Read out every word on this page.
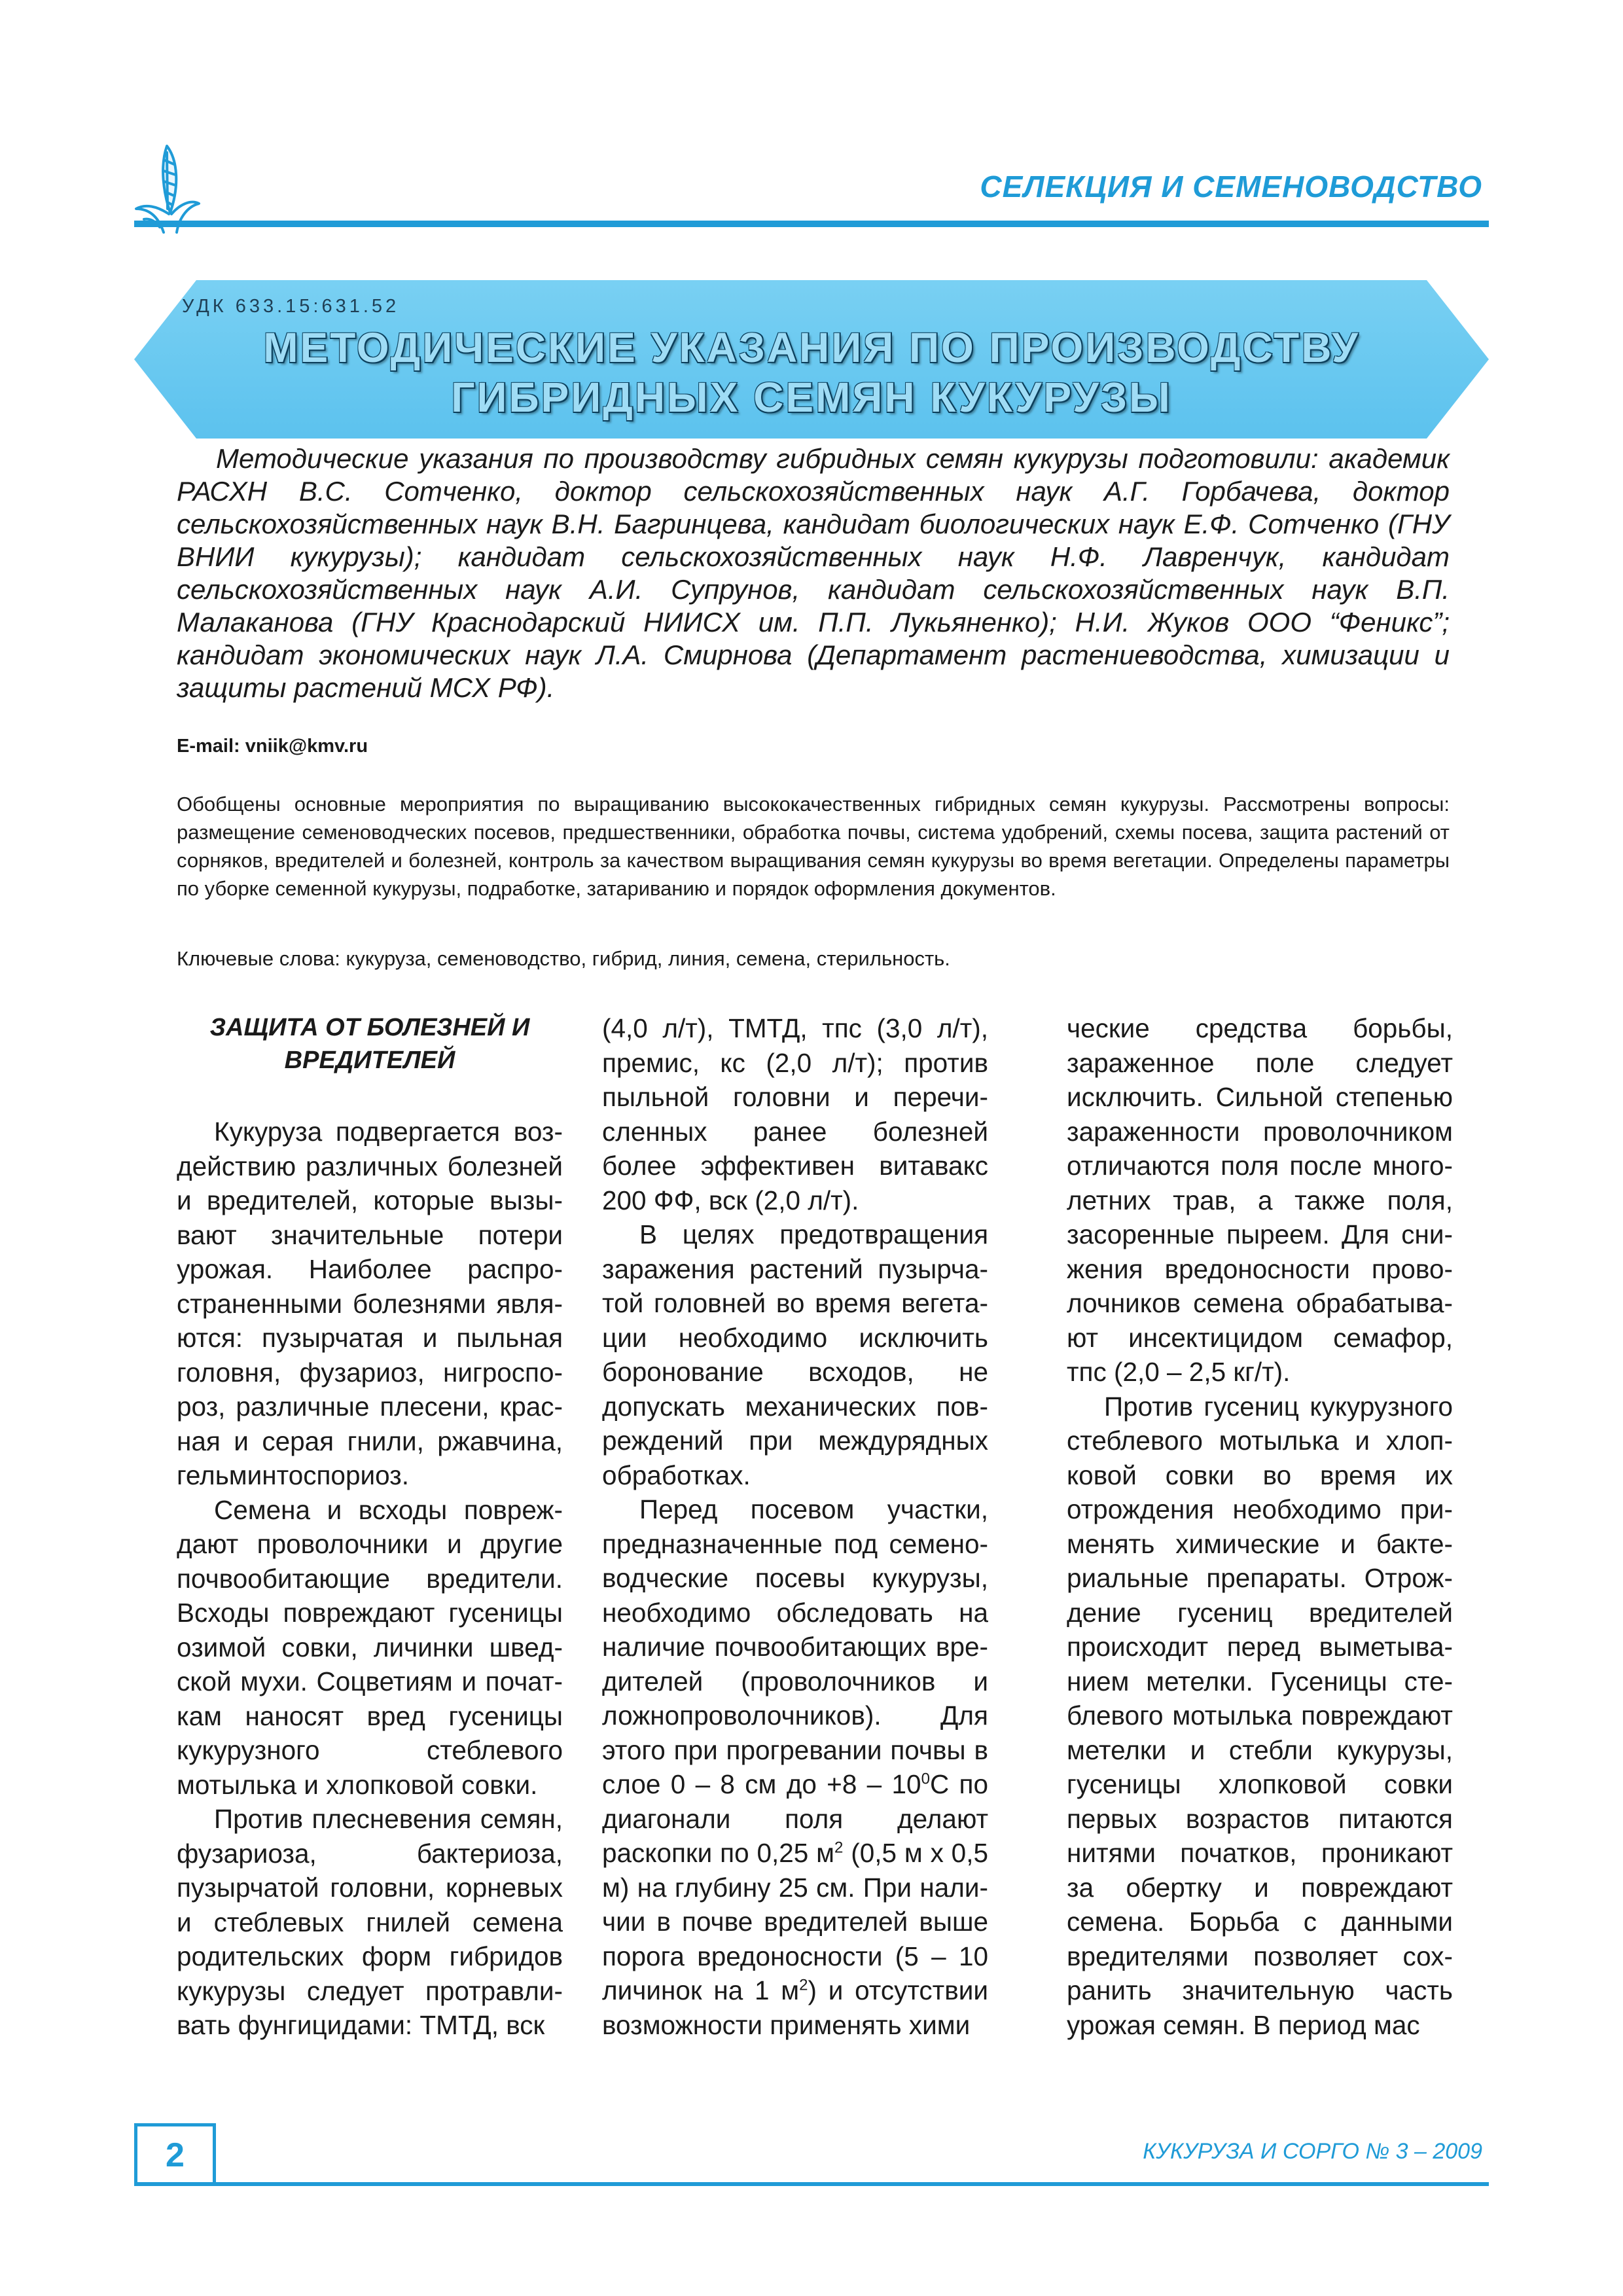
СЕЛЕКЦИЯ И СЕМЕНОВОДСТВО
УДК 633.15:631.52
МЕТОДИЧЕСКИЕ УКАЗАНИЯ ПО ПРОИЗВОДСТВУ
ГИБРИДНЫХ СЕМЯН КУКУРУЗЫ
Методические указания по производству гибридных семян кукурузы подготовили: академик РАСХН В.С. Сотченко, доктор сельскохозяйственных наук А.Г. Горбачева, доктор сельскохозяйственных наук В.Н. Багринцева, кандидат биологических наук Е.Ф. Сотченко (ГНУ ВНИИ кукурузы); кандидат сельскохозяйственных наук Н.Ф. Лавренчук, кандидат сельскохозяйственных наук А.И. Супрунов, кандидат сельскохозяйственных наук В.П. Малаканова (ГНУ Краснодарский НИИСХ им. П.П. Лукьяненко); Н.И. Жуков ООО “Феникс”; кандидат экономических наук Л.А. Смирнова (Департамент растениеводства, химизации и защиты растений МСХ РФ).
E-mail: vniik@kmv.ru
Обобщены основные мероприятия по выращиванию высококачественных гибридных семян кукурузы. Рассмотрены вопросы: размещение семеноводческих посевов, предшественники, обработка почвы, система удобрений, схемы посева, защита растений от сорняков, вредителей и болезней, контроль за качеством выращивания семян кукурузы во время вегетации. Определены параметры по уборке семенной кукурузы, подработке, затариванию и порядок оформления документов.
Ключевые слова: кукуруза, семеноводство, гибрид, линия, семена, стерильность.
ЗАЩИТА ОТ БОЛЕЗНЕЙ И ВРЕДИТЕЛЕЙ

Кукуруза подвергается воздействию различных болезней и вредителей, которые вызывают значительные потери урожая. Наиболее распространенными болезнями являются: пузырчатая и пыльная головня, фузариоз, нигроспороз, различные плесени, красная и серая гнили, ржавчина, гельминтоспориоз.

Семена и всходы повреждают проволочники и другие почвообитающие вредители. Всходы повреждают гусеницы озимой совки, личинки шведской мухи. Соцветиям и початкам наносят вред гусеницы кукурузного стеблевого мотылька и хлопковой совки.

Против плесневения семян, фузариоза, бактериоза, пузырчатой головни, корневых и стеблевых гнилей семена родительских форм гибридов кукурузы следует протравливать фунгицидами: ТМТД, вск

(4,0 л/т), ТМТД, тпс (3,0 л/т), премис, кс (2,0 л/т); против пыльной головни и перечисленных ранее болезней более эффективен витавакс 200 ФФ, вск (2,0 л/т).

В целях предотвращения заражения растений пузырчатой головней во время вегетации необходимо исключить боронование всходов, не допускать механических повреждений при междурядных обработках.

Перед посевом участки, предназначенные под семеноводческие посевы кукурузы, необходимо обследовать на наличие почвообитающих вредителей (проволочников и ложнопроволочников). Для этого при прогревании почвы в слое 0 – 8 см до $+8 - 10^0С$ по диагонали поля делают раскопки по 0,25 $м^2$ (0,5 м х 0,5 м) на глубину 25 см. При наличии в почве вредителей выше порога вредоносности (5 – 10 личинок на 1 $м^2$) и отсутствии возможности применять хими

ческие средства борьбы, зараженное поле следует исключить. Сильной степенью зараженности проволочником отличаются поля после многолетних трав, а также поля, засоренные пыреем. Для снижения вредоносности проволочников семена обрабатывают инсектицидом семафор, тпс (2,0 – 2,5 кг/т).

Против гусениц кукурузного стеблевого мотылька и хлопковой совки во время их отрождения необходимо применять химические и бактериальные препараты. Отрождение гусениц вредителей происходит перед выметыванием метелки. Гусеницы стеблевого мотылька повреждают метелки и стебли кукурузы, гусеницы хлопковой совки первых возрастов питаются нитями початков, проникают за обертку и повреждают семена. Борьба с данными вредителями позволяет сохранить значительную часть урожая семян. В период мас

2	КУКУРУЗА И СОРГО № 3 – 2009
